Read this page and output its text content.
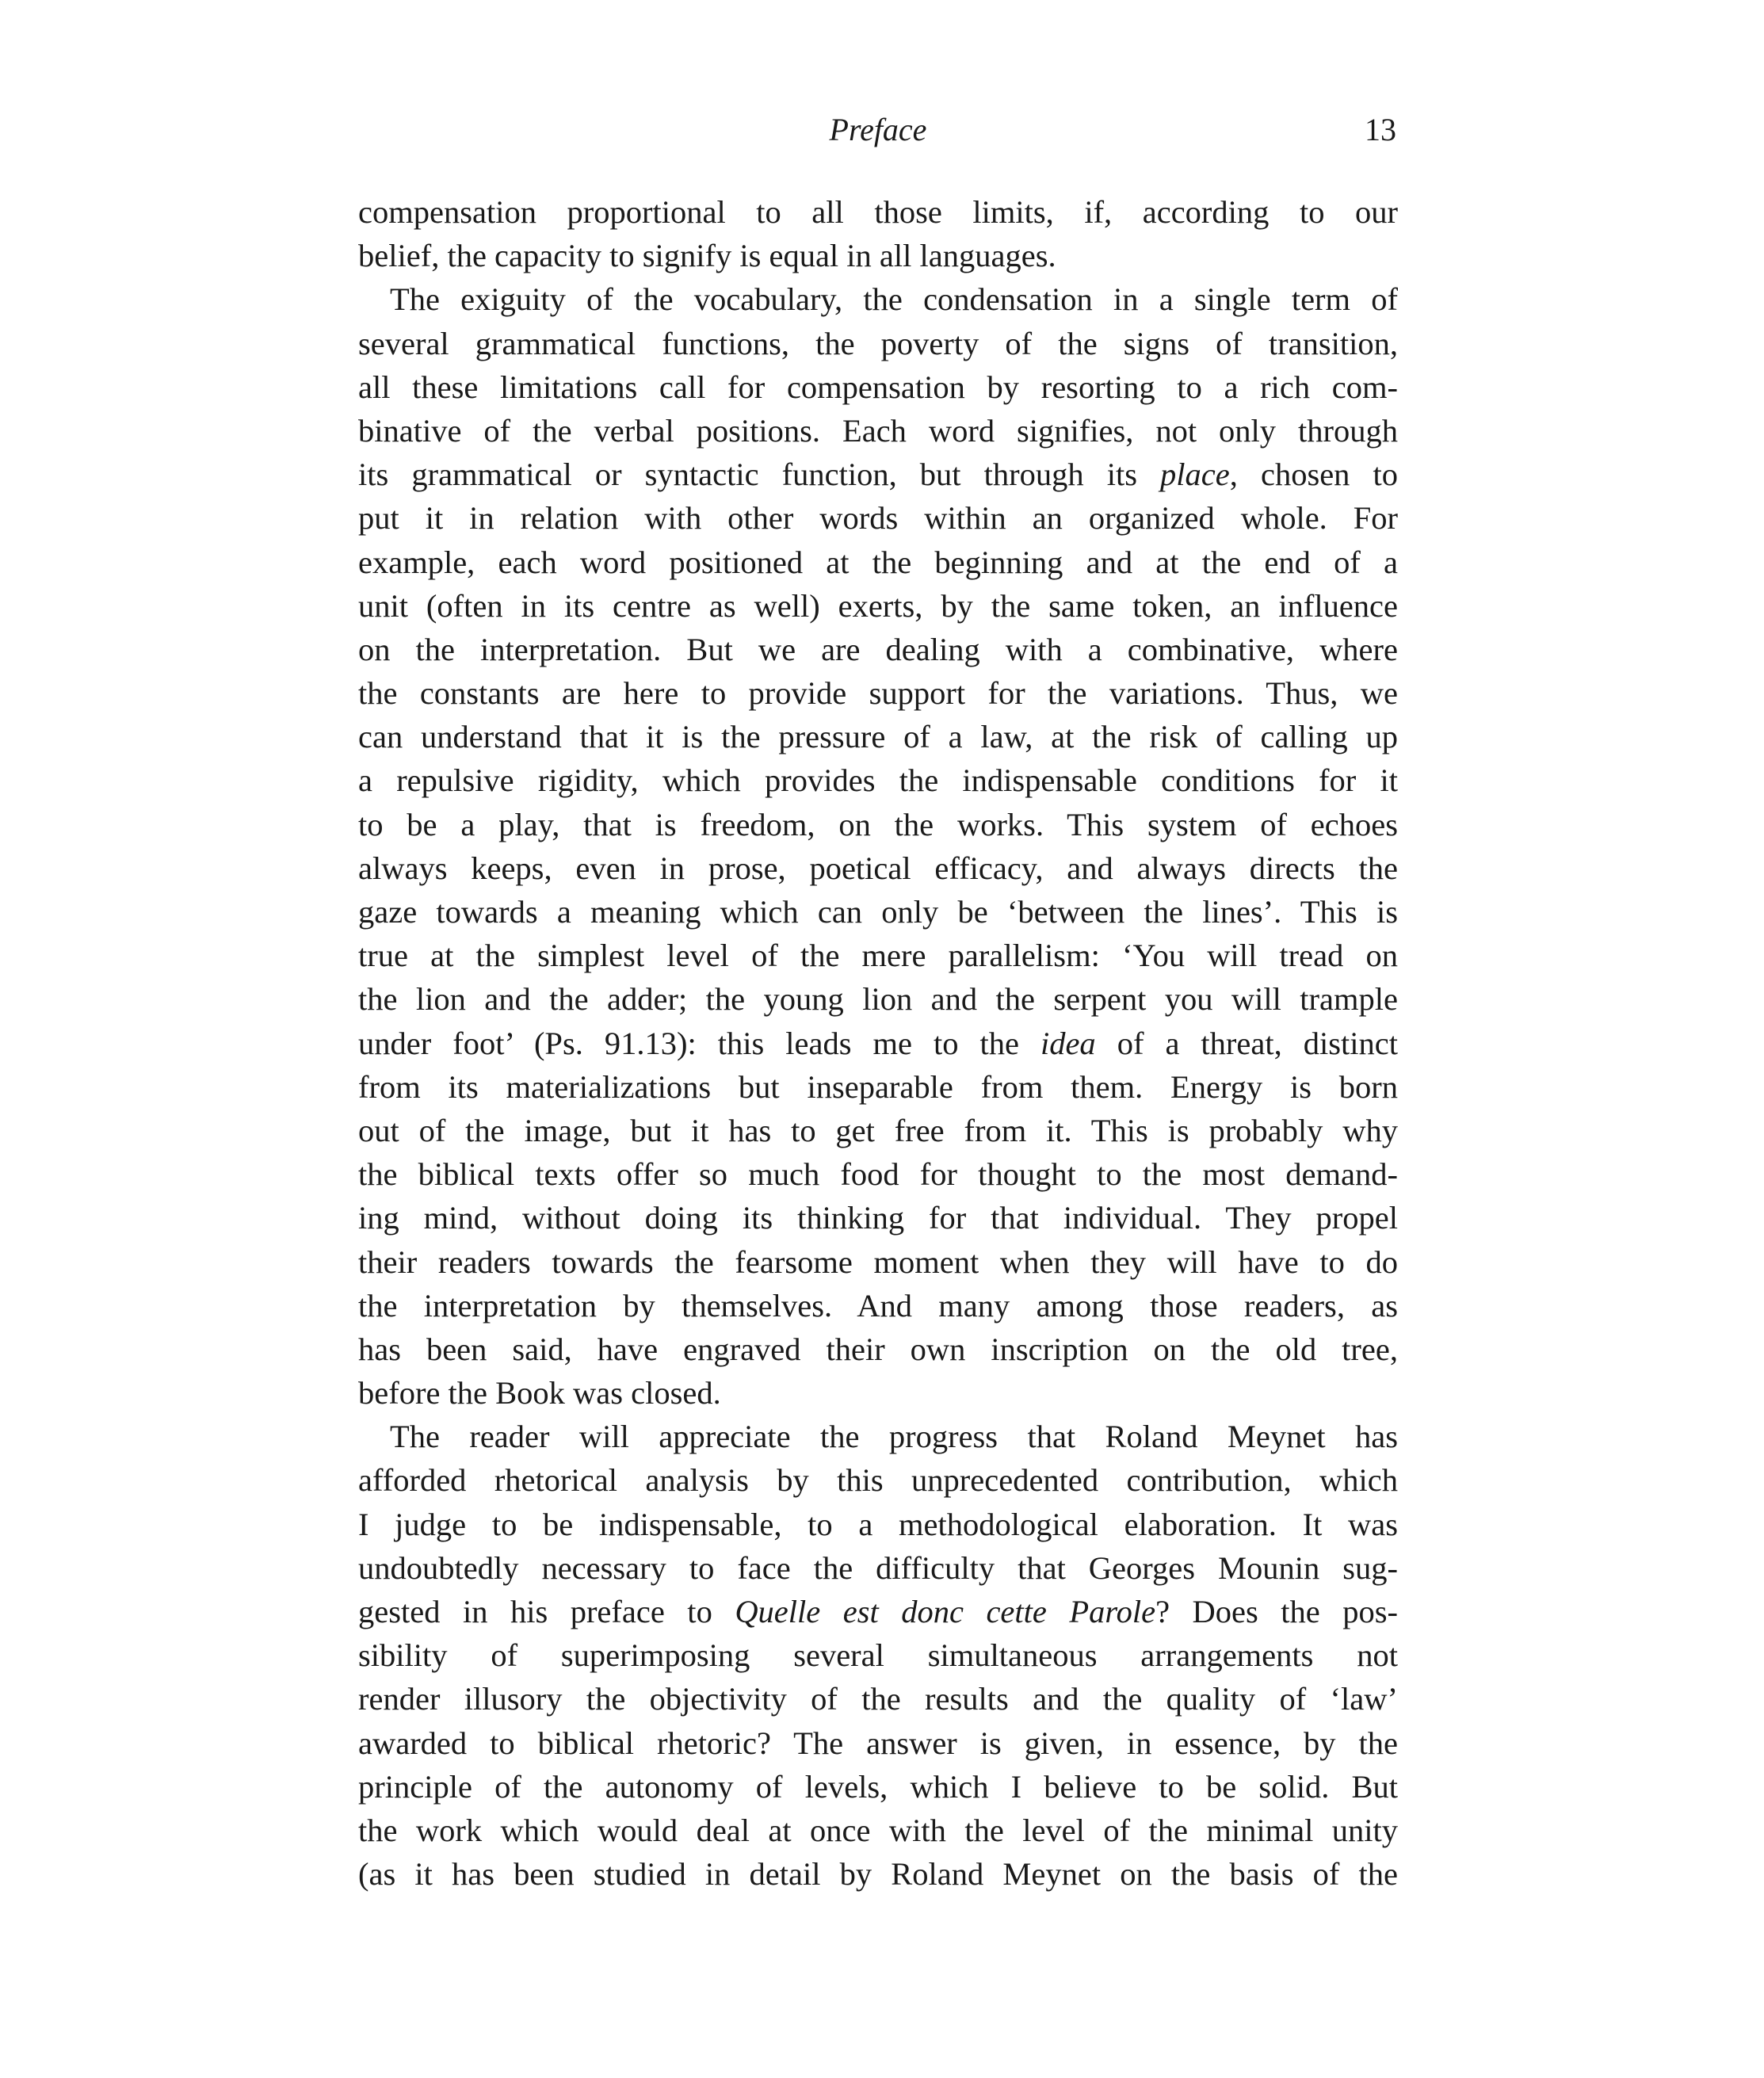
Preface	13
compensation proportional to all those limits, if, according to our
belief, the capacity to signify is equal in all languages.
The exiguity of the vocabulary, the condensation in a single term of
several grammatical functions, the poverty of the signs of transition,
all these limitations call for compensation by resorting to a rich com-
binative of the verbal positions. Each word signifies, not only through
its grammatical or syntactic function, but through its place, chosen to
put it in relation with other words within an organized whole. For
example, each word positioned at the beginning and at the end of a
unit (often in its centre as well) exerts, by the same token, an influence
on the interpretation. But we are dealing with a combinative, where
the constants are here to provide support for the variations. Thus, we
can understand that it is the pressure of a law, at the risk of calling up
a repulsive rigidity, which provides the indispensable conditions for it
to be a play, that is freedom, on the works. This system of echoes
always keeps, even in prose, poetical efficacy, and always directs the
gaze towards a meaning which can only be ‘between the lines’. This is
true at the simplest level of the mere parallelism: ‘You will tread on
the lion and the adder; the young lion and the serpent you will trample
under foot’ (Ps. 91.13): this leads me to the idea of a threat, distinct
from its materializations but inseparable from them. Energy is born
out of the image, but it has to get free from it. This is probably why
the biblical texts offer so much food for thought to the most demand-
ing mind, without doing its thinking for that individual. They propel
their readers towards the fearsome moment when they will have to do
the interpretation by themselves. And many among those readers, as
has been said, have engraved their own inscription on the old tree,
before the Book was closed.
The reader will appreciate the progress that Roland Meynet has
afforded rhetorical analysis by this unprecedented contribution, which
I judge to be indispensable, to a methodological elaboration. It was
undoubtedly necessary to face the difficulty that Georges Mounin sug-
gested in his preface to Quelle est donc cette Parole? Does the pos-
sibility of superimposing several simultaneous arrangements not
render illusory the objectivity of the results and the quality of ‘law’
awarded to biblical rhetoric? The answer is given, in essence, by the
principle of the autonomy of levels, which I believe to be solid. But
the work which would deal at once with the level of the minimal unity
(as it has been studied in detail by Roland Meynet on the basis of the
